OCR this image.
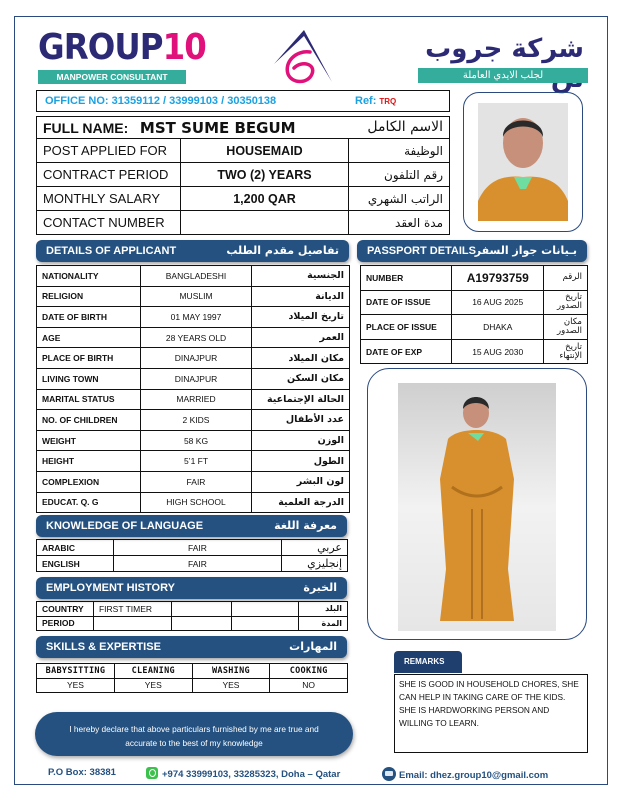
GROUP10
MANPOWER CONSULTANT
شركة جروب
لجلب الايدي العاملة
OFFICE NO: 31359112 / 33999103 / 30350138	Ref: TRQ
FULL NAME: MST SUME BEGUM	الاسم الكامل

POST APPLIED FOR	HOUSEMAID	الوظيفة
CONTRACT PERIOD	TWO (2) YEARS	رقم التلفون
MONTHLY SALARY	1,200 QAR	الراتب الشهري
CONTACT NUMBER		مدة العقد
DETAILS OF APPLICANT	تفاصيل مقدم الطلب
NATIONALITY	BANGLADESHI	الجنسية
RELIGION	MUSLIM	الديانة
DATE OF BIRTH	01 MAY 1997	تاريخ الميلاد
AGE	28 YEARS OLD	العمر
PLACE OF BIRTH	DINAJPUR	مكان الميلاد
LIVING TOWN	DINAJPUR	مكان السكن
MARITAL STATUS	MARRIED	الحالة الإجتماعية
NO. OF CHILDREN	2 KIDS	عدد الأطفال
WEIGHT	58 KG	الوزن
HEIGHT	5’1 FT	الطول
COMPLEXION	FAIR	لون البشر
EDUCAT. Q. G	HIGH SCHOOL	الدرجة العلمية
PASSPORT DETAILS
بـيانات جواز السفر
NUMBER	A19793759	الرقم
DATE OF ISSUE	16 AUG 2025	تاريخ الصدور
PLACE OF ISSUE	DHAKA	مكان الصدور
DATE OF EXP	15 AUG 2030	تاريخ الإنتهاء
KNOWLEDGE OF LANGUAGE	معرفة اللغة
ARABIC	FAIR	عربي
ENGLISH	FAIR	إنجليزي
EMPLOYMENT HISTORY	الخبرة
COUNTRY	FIRST TIMER			البلد
PERIOD				المدة
SKILLS & EXPERTISE	المهارات
BABYSITTING	CLEANING	WASHING	COOKING
YES	YES	YES	NO
REMARKS
SHE IS GOOD IN HOUSEHOLD CHORES, SHE CAN HELP IN TAKING CARE OF THE KIDS. SHE IS HARDWORKING PERSON AND WILLING TO LEARN.
I hereby declare that above particulars furnished by me are true and
accurate to the best of my knowledge
P.O Box: 38381	+974 33999103, 33285323, Doha – Qatar	Email: dhez.group10@gmail.com
